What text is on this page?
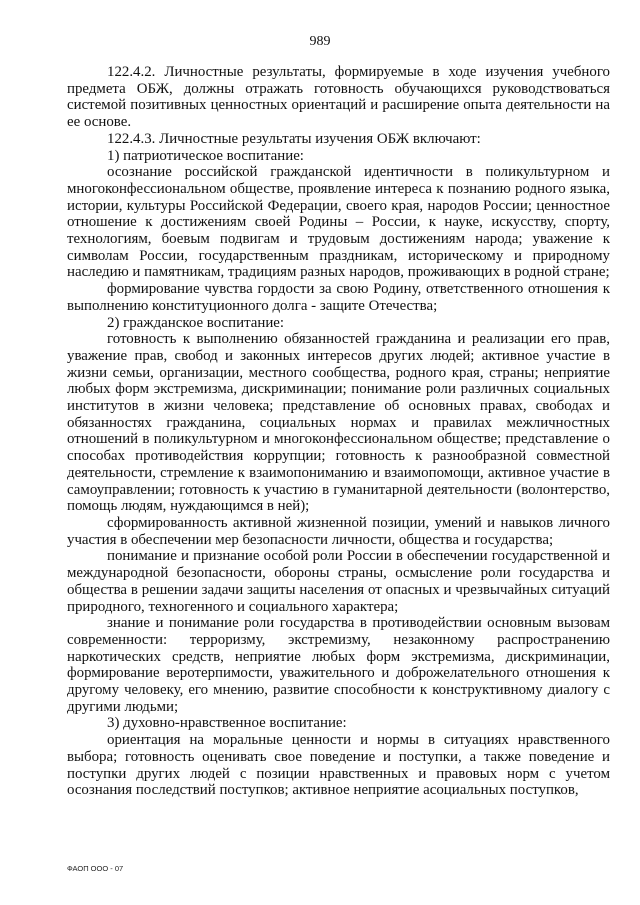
989

122.4.2. Личностные результаты, формируемые в ходе изучения учебного предмета ОБЖ, должны отражать готовность обучающихся руководствоваться системой позитивных ценностных ориентаций и расширение опыта деятельности на ее основе.

122.4.3. Личностные результаты изучения ОБЖ включают:

1) патриотическое воспитание:

осознание российской гражданской идентичности в поликультурном и многоконфессиональном обществе, проявление интереса к познанию родного языка, истории, культуры Российской Федерации, своего края, народов России; ценностное отношение к достижениям своей Родины – России, к науке, искусству, спорту, технологиям, боевым подвигам и трудовым достижениям народа; уважение к символам России, государственным праздникам, историческому и природному наследию и памятникам, традициям разных народов, проживающих в родной стране;

формирование чувства гордости за свою Родину, ответственного отношения к выполнению конституционного долга - защите Отечества;

2) гражданское воспитание:

готовность к выполнению обязанностей гражданина и реализации его прав, уважение прав, свобод и законных интересов других людей; активное участие в жизни семьи, организации, местного сообщества, родного края, страны; неприятие любых форм экстремизма, дискриминации; понимание роли различных социальных институтов в жизни человека; представление об основных правах, свободах и обязанностях гражданина, социальных нормах и правилах межличностных отношений в поликультурном и многоконфессиональном обществе; представление о способах противодействия коррупции; готовность к разнообразной совместной деятельности, стремление к взаимопониманию и взаимопомощи, активное участие в самоуправлении; готовность к участию в гуманитарной деятельности (волонтерство, помощь людям, нуждающимся в ней);

сформированность активной жизненной позиции, умений и навыков личного участия в обеспечении мер безопасности личности, общества и государства;

понимание и признание особой роли России в обеспечении государственной и международной безопасности, обороны страны, осмысление роли государства и общества в решении задачи защиты населения от опасных и чрезвычайных ситуаций природного, техногенного и социального характера;

знание и понимание роли государства в противодействии основным вызовам современности: терроризму, экстремизму, незаконному распространению наркотических средств, неприятие любых форм экстремизма, дискриминации, формирование веротерпимости, уважительного и доброжелательного отношения к другому человеку, его мнению, развитие способности к конструктивному диалогу с другими людьми;

3) духовно-нравственное воспитание:

ориентация на моральные ценности и нормы в ситуациях нравственного выбора; готовность оценивать свое поведение и поступки, а также поведение и поступки других людей с позиции нравственных и правовых норм с учетом осознания последствий поступков; активное неприятие асоциальных поступков,

ФАОП ООО - 07
